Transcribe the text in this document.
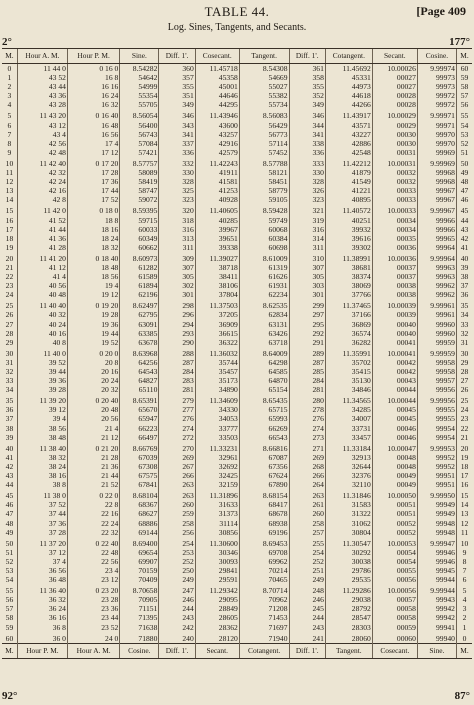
TABLE 44.	[Page 409
Log. Sines, Tangents, and Secants.
2°	177°
M.	Hour A. M.	Hour P. M.	Sine.	Diff. 1'.	Cosecant.	Tangent.	Diff. 1'.	Cotangent.	Secant.	Cosine.	M.
0	11 44 0	0 16 0	8.54282	360	11.45718	8.54308	361	11.45692	10.00026	9.99974	60
1	43 52	16 8	54642	357	45358	54669	358	45331	00027	99973	59
2	43 44	16 16	54999	355	45001	55027	355	44973	00027	99973	58
3	43 36	16 24	55354	351	44646	55382	352	44618	00028	99972	57
4	43 28	16 32	55705	349	44295	55734	349	44266	00028	99972	56
5	11 43 20	0 16 40	8.56054	346	11.43946	8.56083	346	11.43917	10.00029	9.99971	55
6	43 12	16 48	56400	343	43600	56429	344	43571	00029	99971	54
7	43 4	16 56	56743	341	43257	56773	341	43227	00030	99970	53
8	42 56	17 4	57084	337	42916	57114	338	42886	00030	99970	52
9	42 48	17 12	57421	336	42579	57452	336	42548	00031	99969	51
10	11 42 40	0 17 20	8.57757	332	11.42243	8.57788	333	11.42212	10.00031	9.99969	50
11	42 32	17 28	58089	330	41911	58121	330	41879	00032	99968	49
12	42 24	17 36	58419	328	41581	58451	328	41549	00032	99968	48
13	42 16	17 44	58747	325	41253	58779	326	41221	00033	99967	47
14	42 8	17 52	59072	323	40928	59105	323	40895	00033	99967	46
15	11 42 0	0 18 0	8.59395	320	11.40605	8.59428	321	11.40572	10.00033	9.99967	45
16	41 52	18 8	59715	318	40285	59749	319	40251	00034	99966	44
17	41 44	18 16	60033	316	39967	60068	316	39932	00034	99966	43
18	41 36	18 24	60349	313	39651	60384	314	39616	00035	99965	42
19	41 28	18 32	60662	311	39338	60698	311	39302	00036	99964	41
20	11 41 20	0 18 40	8.60973	309	11.39027	8.61009	310	11.38991	10.00036	9.99964	40
21	41 12	18 48	61282	307	38718	61319	307	38681	00037	99963	39
22	41 4	18 56	61589	305	38411	61626	305	38374	00037	99963	38
23	40 56	19 4	61894	302	38106	61931	303	38069	00038	99962	37
24	40 48	19 12	62196	301	37804	62234	301	37766	00038	99962	36
25	11 40 40	0 19 20	8.62497	298	11.37503	8.62535	299	11.37465	10.00039	9.99961	35
26	40 32	19 28	62795	296	37205	62834	297	37166	00039	99961	34
27	40 24	19 36	63091	294	36909	63131	295	36869	00040	99960	33
28	40 16	19 44	63385	293	36615	63426	292	36574	00040	99960	32
29	40 8	19 52	63678	290	36322	63718	291	36282	00041	99959	31
30	11 40 0	0 20 0	8.63968	288	11.36032	8.64009	289	11.35991	10.00041	9.99959	30
31	39 52	20 8	64256	287	35744	64298	287	35702	00042	99958	29
32	39 44	20 16	64543	284	35457	64585	285	35415	00042	99958	28
33	39 36	20 24	64827	283	35173	64870	284	35130	00043	99957	27
34	39 28	20 32	65110	281	34890	65154	281	34846	00044	99956	26
35	11 39 20	0 20 40	8.65391	279	11.34609	8.65435	280	11.34565	10.00044	9.99956	25
36	39 12	20 48	65670	277	34330	65715	278	34285	00045	99955	24
37	39 4	20 56	65947	276	34053	65993	276	34007	00045	99955	23
38	38 56	21 4	66223	274	33777	66269	274	33731	00046	99954	22
39	38 48	21 12	66497	272	33503	66543	273	33457	00046	99954	21
40	11 38 40	0 21 20	8.66769	270	11.33231	8.66816	271	11.33184	10.00047	9.99953	20
41	38 32	21 28	67039	269	32961	67087	269	32913	00048	99952	19
42	38 24	21 36	67308	267	32692	67356	268	32644	00048	99952	18
43	38 16	21 44	67575	266	32425	67624	266	32376	00049	99951	17
44	38 8	21 52	67841	263	32159	67890	264	32110	00049	99951	16
45	11 38 0	0 22 0	8.68104	263	11.31896	8.68154	263	11.31846	10.00050	9.99950	15
46	37 52	22 8	68367	260	31633	68417	261	31583	00051	99949	14
47	37 44	22 16	68627	259	31373	68678	260	31322	00051	99949	13
48	37 36	22 24	68886	258	31114	68938	258	31062	00052	99948	12
49	37 28	22 32	69144	256	30856	69196	257	30804	00052	99948	11
50	11 37 20	0 22 40	8.69400	254	11.30600	8.69453	255	11.30547	10.00053	9.99947	10
51	37 12	22 48	69654	253	30346	69708	254	30292	00054	99946	9
52	37 4	22 56	69907	252	30093	69962	252	30038	00054	99946	8
53	36 56	23 4	70159	250	29841	70214	251	29786	00055	99945	7
54	36 48	23 12	70409	249	29591	70465	249	29535	00056	99944	6
55	11 36 40	0 23 20	8.70658	247	11.29342	8.70714	248	11.29286	10.00056	9.99944	5
56	36 32	23 28	70905	246	29095	70962	246	29038	00057	99943	4
57	36 24	23 36	71151	244	28849	71208	245	28792	00058	99942	3
58	36 16	23 44	71395	243	28605	71453	244	28547	00058	99942	2
59	36 8	23 52	71638	242	28362	71697	243	28303	00059	99941	1
60	36 0	24 0	71880	240	28120	71940	241	28060	00060	99940	0
M.	Hour P. M.	Hour A. M.	Cosine.	Diff. 1'.	Secant.	Cotangent.	Diff. 1'.	Tangent.	Cosecant.	Sine.	M.
92°	87°
